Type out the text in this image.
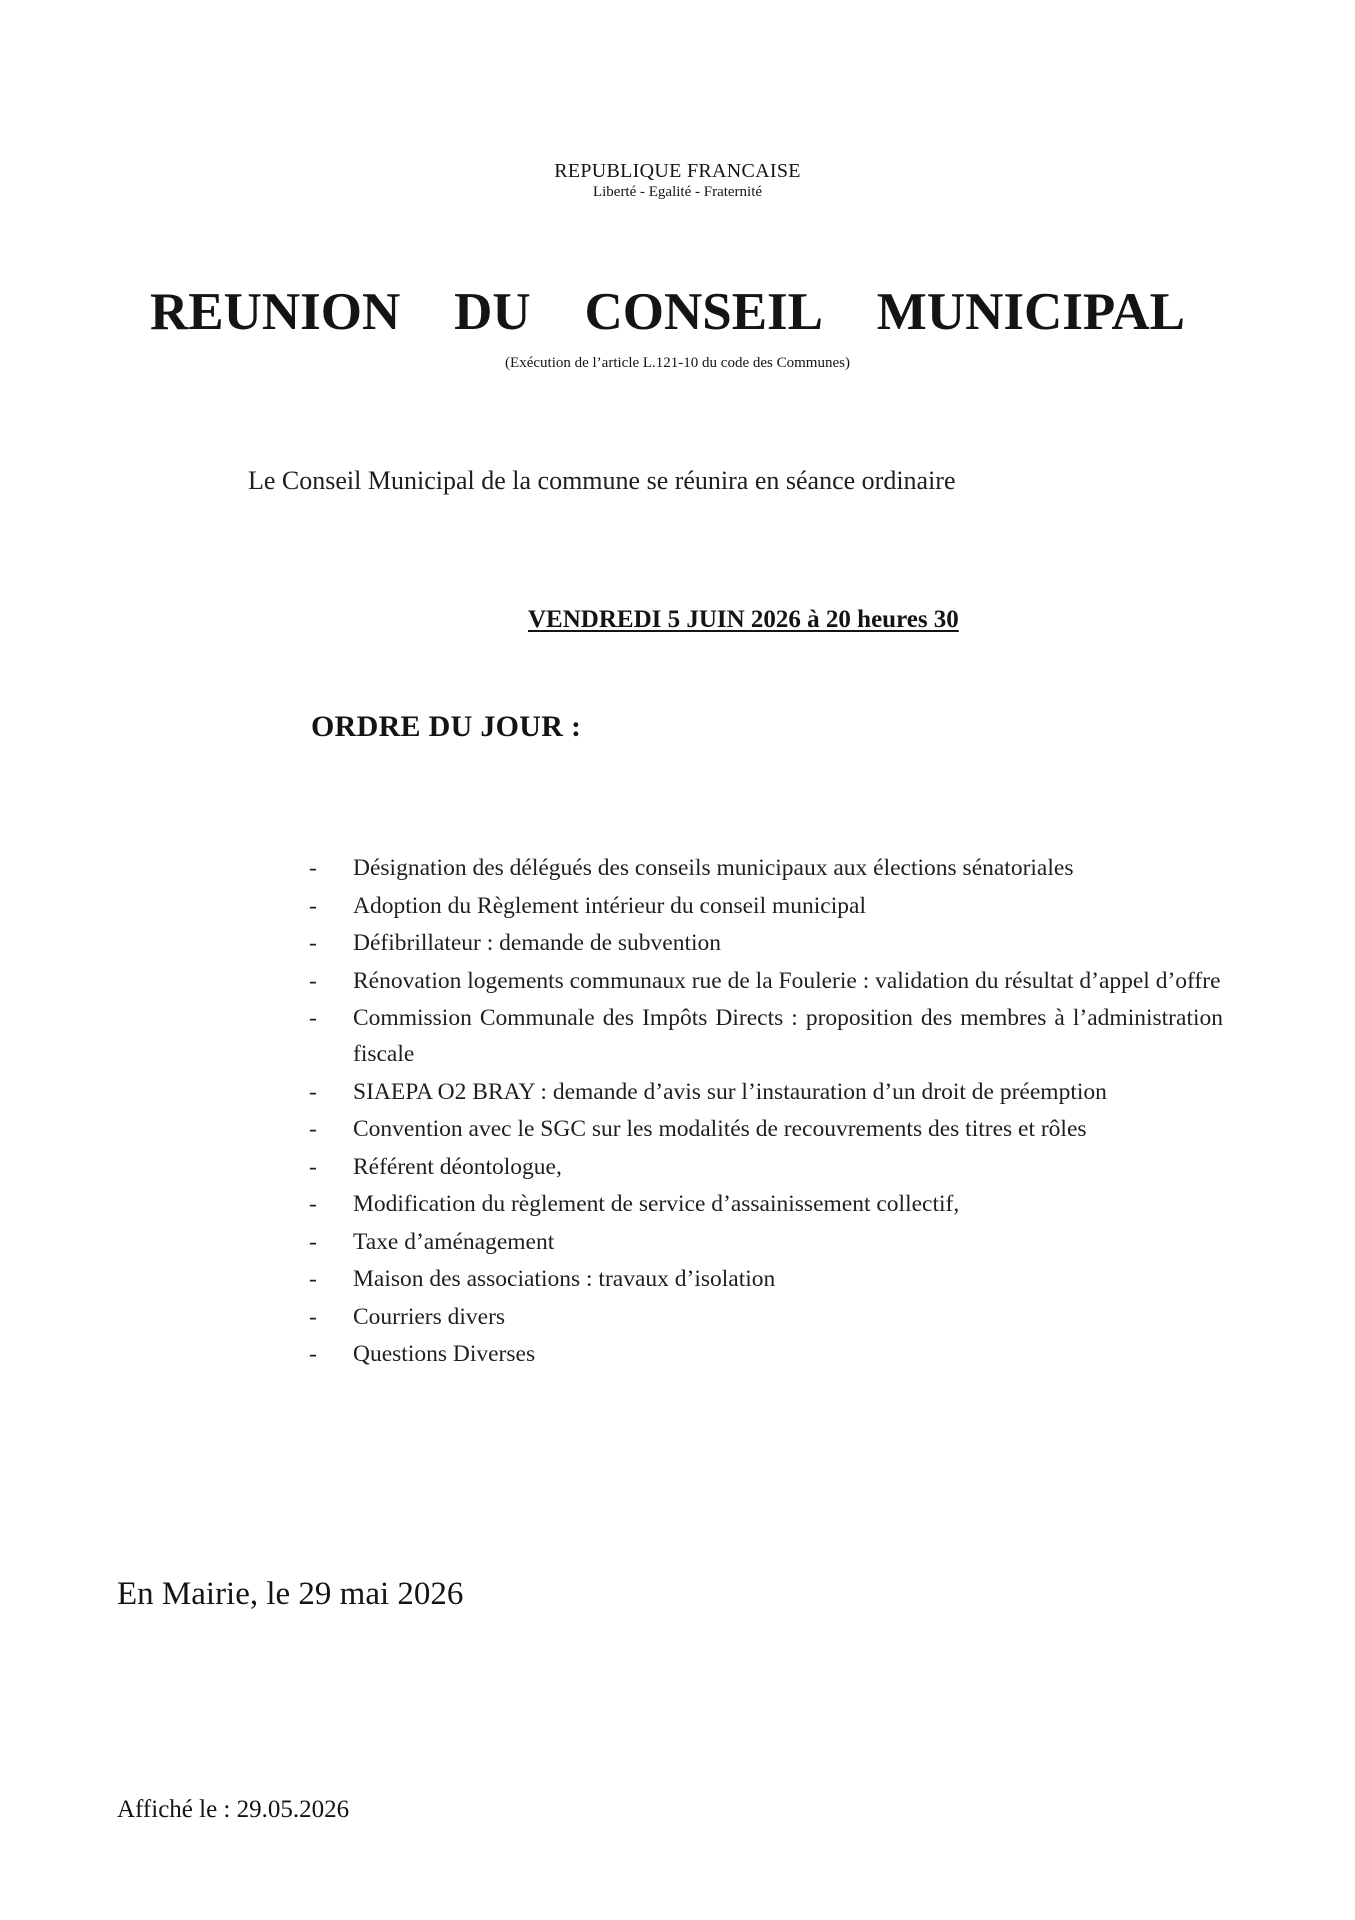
REPUBLIQUE FRANCAISE
Liberté - Egalité - Fraternité
REUNION DU CONSEIL MUNICIPAL
(Exécution de l’article L.121-10 du code des Communes)
Le Conseil Municipal de la commune se réunira en séance ordinaire
VENDREDI 5 JUIN 2026 à 20 heures 30
ORDRE DU JOUR :
- Désignation des délégués des conseils municipaux aux élections sénatoriales
- Adoption du Règlement intérieur du conseil municipal
- Défibrillateur : demande de subvention
- Rénovation logements communaux rue de la Foulerie : validation du résultat d’appel d’offre
- Commission Communale des Impôts Directs : proposition des membres à l’administration fiscale
- SIAEPA O2 BRAY : demande d’avis sur l’instauration d’un droit de préemption
- Convention avec le SGC sur les modalités de recouvrements des titres et rôles
- Référent déontologue,
- Modification du règlement de service d’assainissement collectif,
- Taxe d’aménagement
- Maison des associations : travaux d’isolation
- Courriers divers
- Questions Diverses
En Mairie, le 29 mai 2026
Affiché le : 29.05.2026
